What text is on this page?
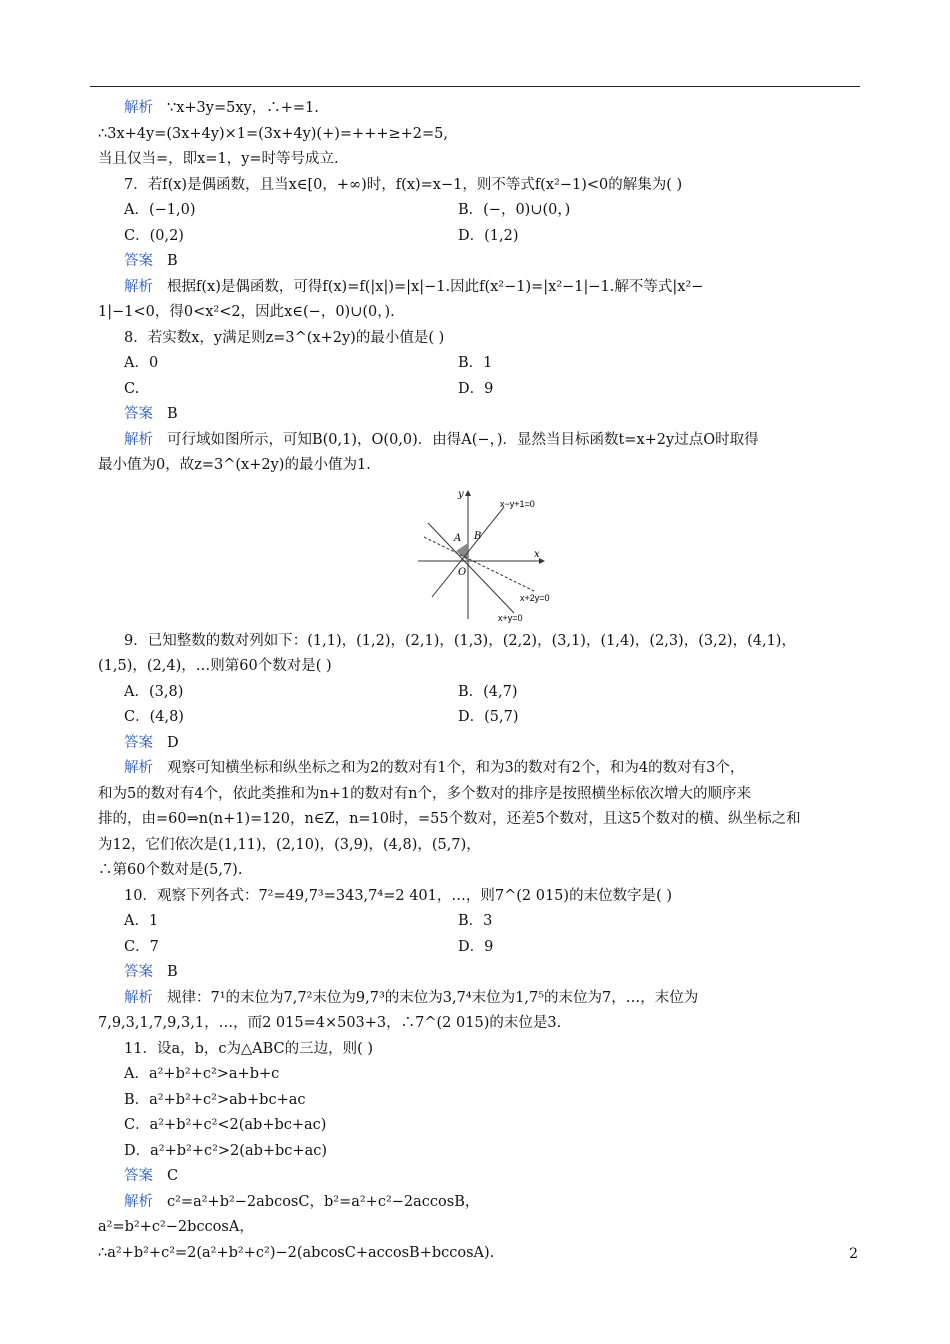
解析 ∵x+3y=5xy，∴+=1.
∴3x+4y=(3x+4y)×1=(3x+4y)(+)=+++≥+2=5,
当且仅当=，即x=1，y=时等号成立.
7．若f(x)是偶函数，且当x∈[0，+∞)时，f(x)=x−1，则不等式f(x²−1)<0的解集为( )
A．(−1,0)	B．(−，0)∪(0，)
C．(0,2)	D．(1,2)
答案 B
解析 根据f(x)是偶函数，可得f(x)=f(|x|)=|x|−1.因此f(x²−1)=|x²−1|−1.解不等式|x²−
1|−1<0，得0<x²<2，因此x∈(−，0)∪(0，).
8．若实数x，y满足则z=3^(x+2y)的最小值是( )
A．0	B．1
C.	D．9
答案 B
解析 可行域如图所示，可知B(0,1)，O(0,0)．由得A(−，)．显然当目标函数t=x+2y过点O时取得
最小值为0，故z=3^(x+2y)的最小值为1.
y
x
O
A B
x−y+1=0
x+2y=0
x+y=0
9．已知整数的数对列如下：(1,1)，(1,2)，(2,1)，(1,3)，(2,2)，(3,1)，(1,4)，(2,3)，(3,2)，(4,1)，
(1,5)，(2,4)，…则第60个数对是( )
A．(3,8)	B．(4,7)
C．(4,8)	D．(5,7)
答案 D
解析 观察可知横坐标和纵坐标之和为2的数对有1个，和为3的数对有2个，和为4的数对有3个，
和为5的数对有4个，依此类推和为n+1的数对有n个，多个数对的排序是按照横坐标依次增大的顺序来
排的，由=60⇒n(n+1)=120，n∈Z，n=10时，=55个数对，还差5个数对，且这5个数对的横、纵坐标之和
为12，它们依次是(1,11)，(2,10)，(3,9)，(4,8)，(5,7)，
∴第60个数对是(5,7).
10．观察下列各式：7²=49,7³=343,7⁴=2 401，…，则7^(2 015)的末位数字是( )
A．1	B．3
C．7	D．9
答案 B
解析 规律：7¹的末位为7,7²末位为9,7³的末位为3,7⁴末位为1,7⁵的末位为7，…，末位为
7,9,3,1,7,9,3,1，…，而2 015=4×503+3，∴7^(2 015)的末位是3.
11．设a，b，c为△ABC的三边，则( )
A．a²+b²+c²>a+b+c
B．a²+b²+c²>ab+bc+ac
C．a²+b²+c²<2(ab+bc+ac)
D．a²+b²+c²>2(ab+bc+ac)
答案 C
解析 c²=a²+b²−2abcosC，b²=a²+c²−2accosB，
a²=b²+c²−2bccosA，
∴a²+b²+c²=2(a²+b²+c²)−2(abcosC+accosB+bccosA).	2
